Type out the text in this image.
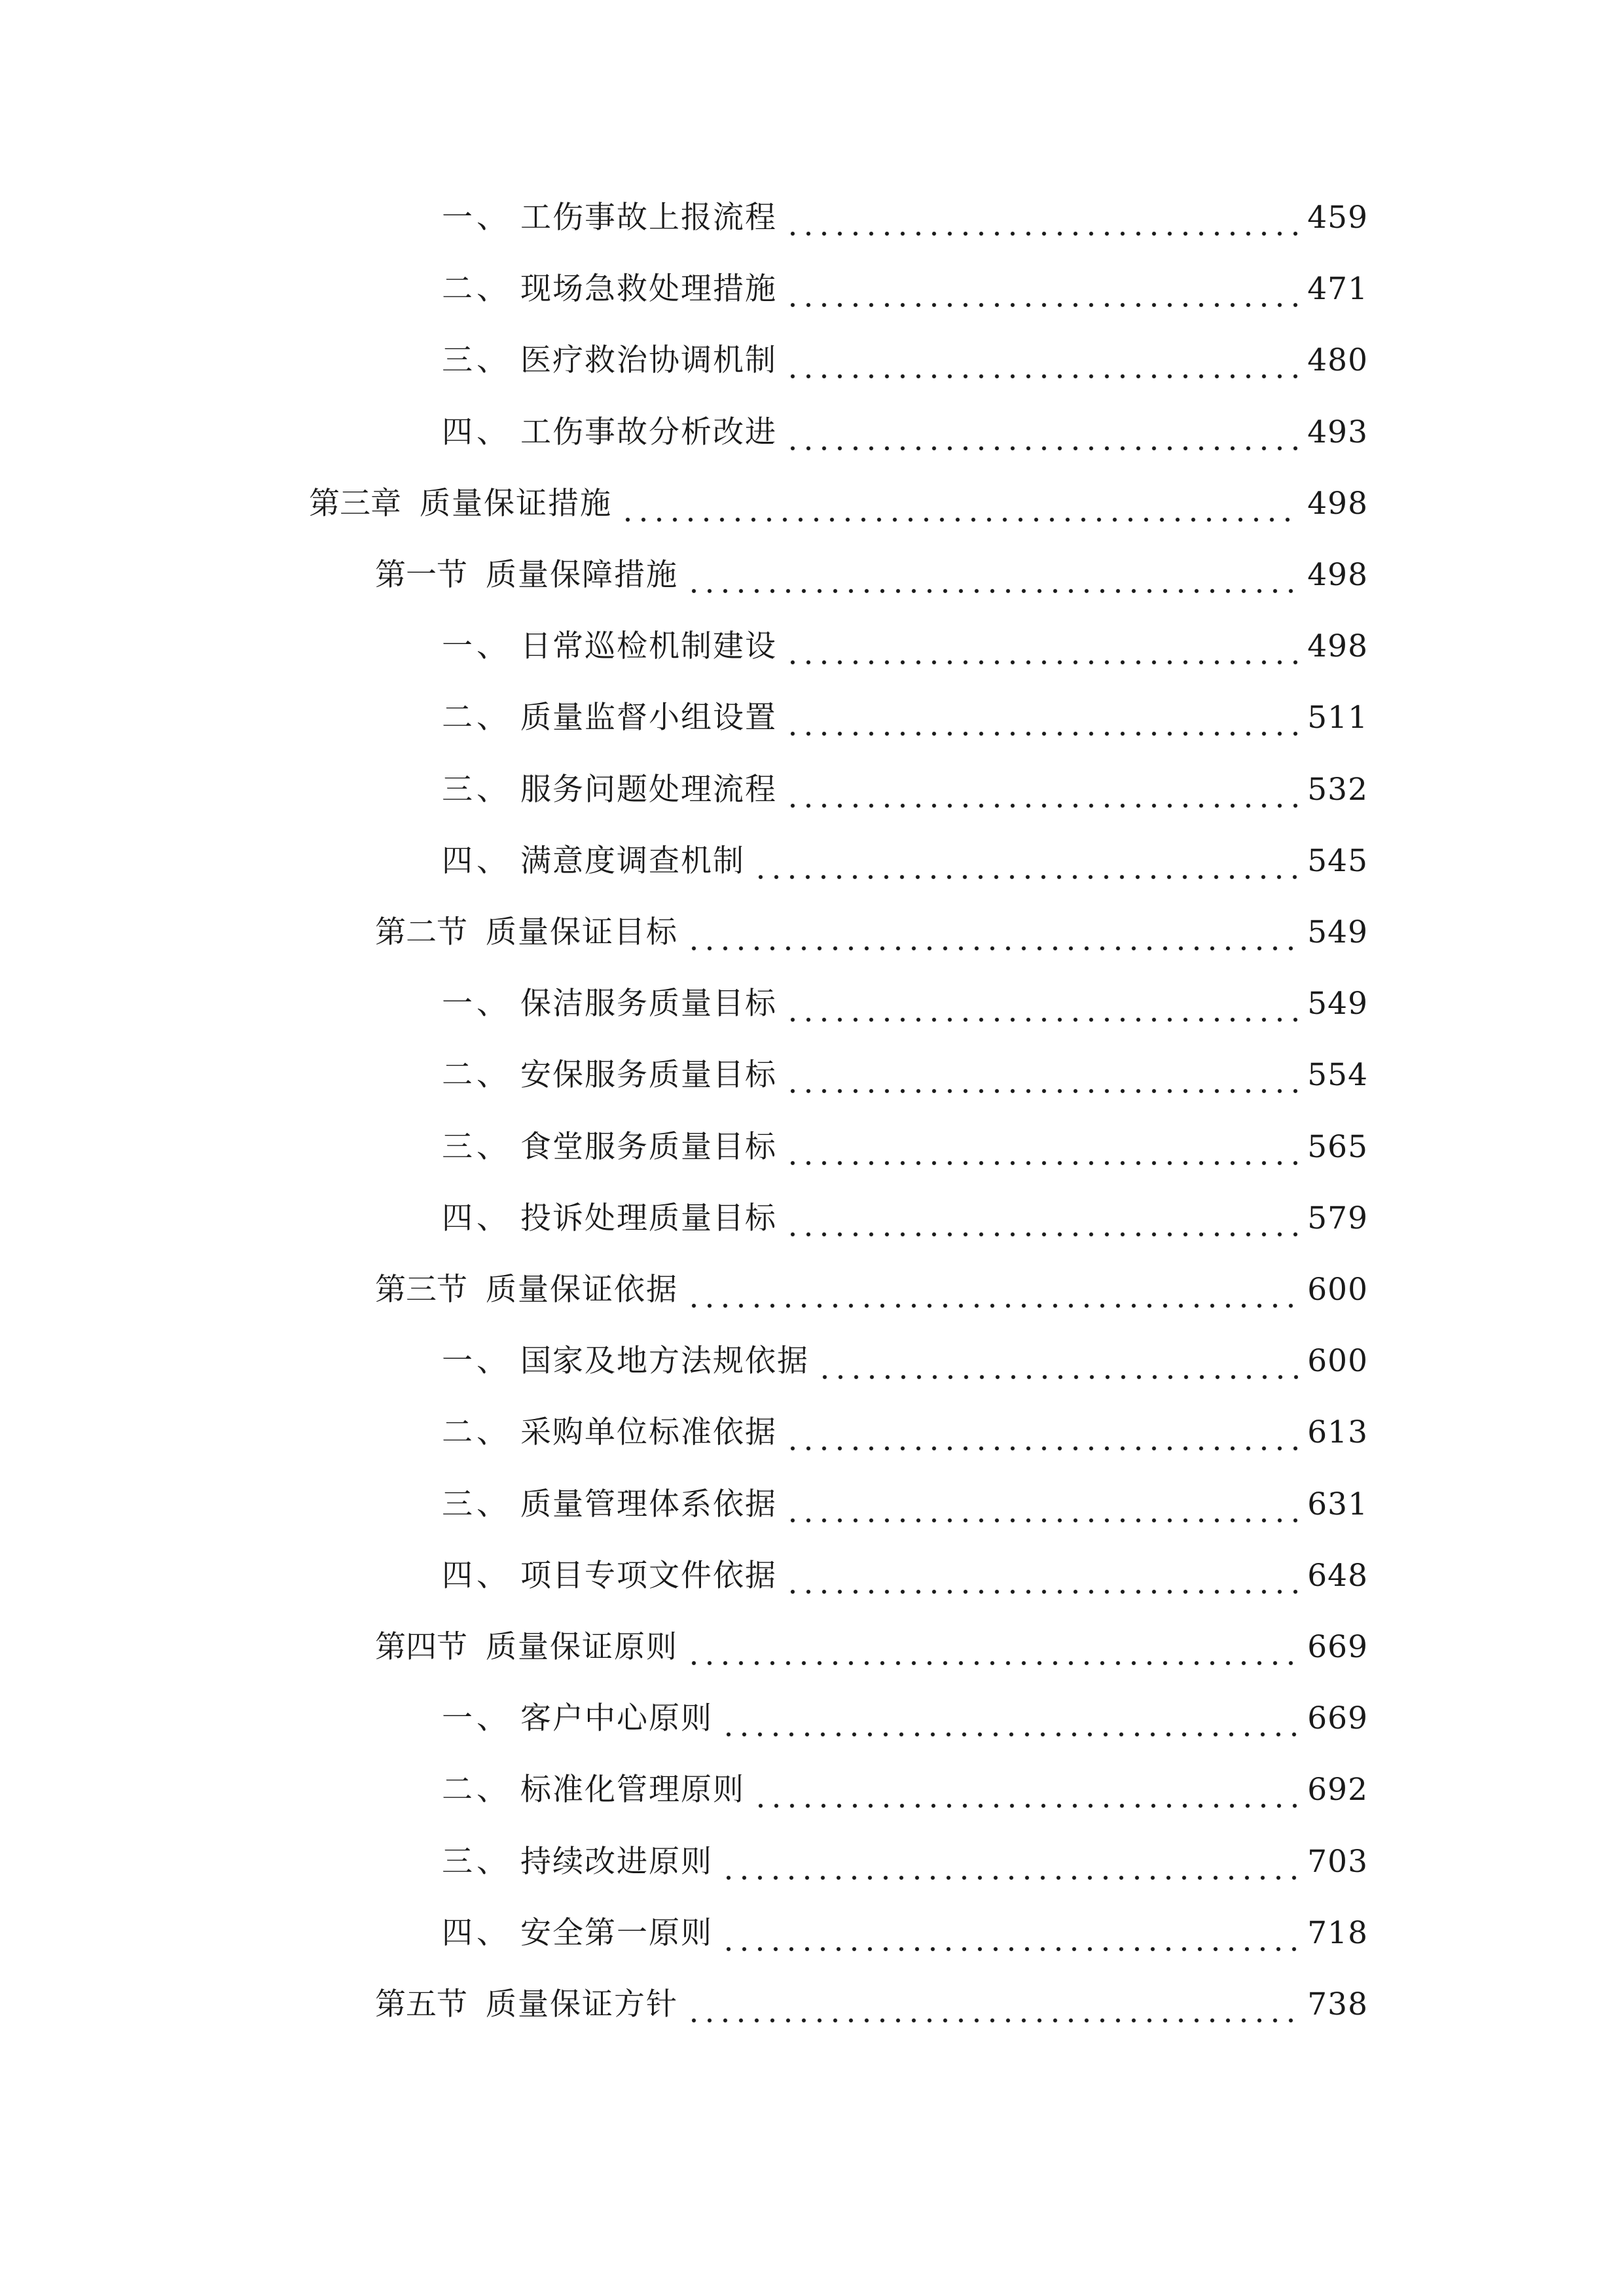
一、 工伤事故上报流程	459
二、 现场急救处理措施	471
三、 医疗救治协调机制	480
四、 工伤事故分析改进	493
第三章 质量保证措施	498
第一节 质量保障措施	498
一、 日常巡检机制建设	498
二、 质量监督小组设置	511
三、 服务问题处理流程	532
四、 满意度调查机制	545
第二节 质量保证目标	549
一、 保洁服务质量目标	549
二、 安保服务质量目标	554
三、 食堂服务质量目标	565
四、 投诉处理质量目标	579
第三节 质量保证依据	600
一、 国家及地方法规依据	600
二、 采购单位标准依据	613
三、 质量管理体系依据	631
四、 项目专项文件依据	648
第四节 质量保证原则	669
一、 客户中心原则	669
二、 标准化管理原则	692
三、 持续改进原则	703
四、 安全第一原则	718
第五节 质量保证方针	738
